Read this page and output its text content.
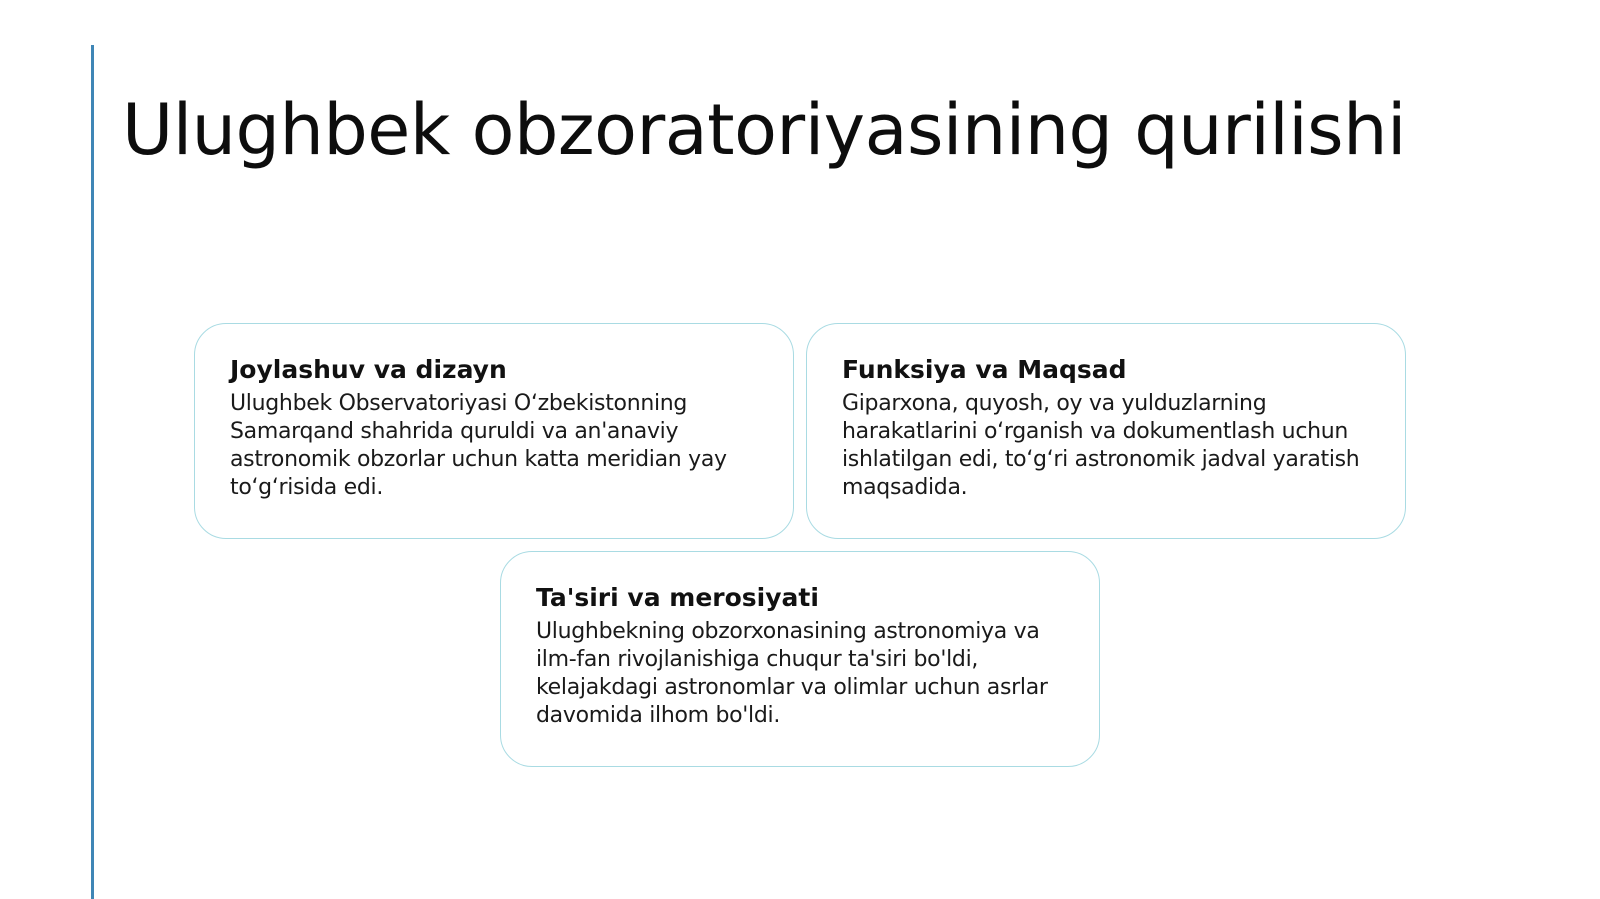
Ulughbek obzoratoriyasining qurilishi
Joylashuv va dizayn

Ulughbek Observatoriyasi O‘zbekistonning Samarqand shahrida quruldi va an'anaviy astronomik obzorlar uchun katta meridian yay to‘g‘risida edi.

Funksiya va Maqsad

Giparxona, quyosh, oy va yulduzlarning harakatlarini o‘rganish va dokumentlash uchun ishlatilgan edi, to‘g‘ri astronomik jadval yaratish maqsadida.

Ta'siri va merosiyati

Ulughbekning obzorxonasining astronomiya va ilm-fan rivojlanishiga chuqur ta'siri bo'ldi, kelajakdagi astronomlar va olimlar uchun asrlar davomida ilhom bo'ldi.
